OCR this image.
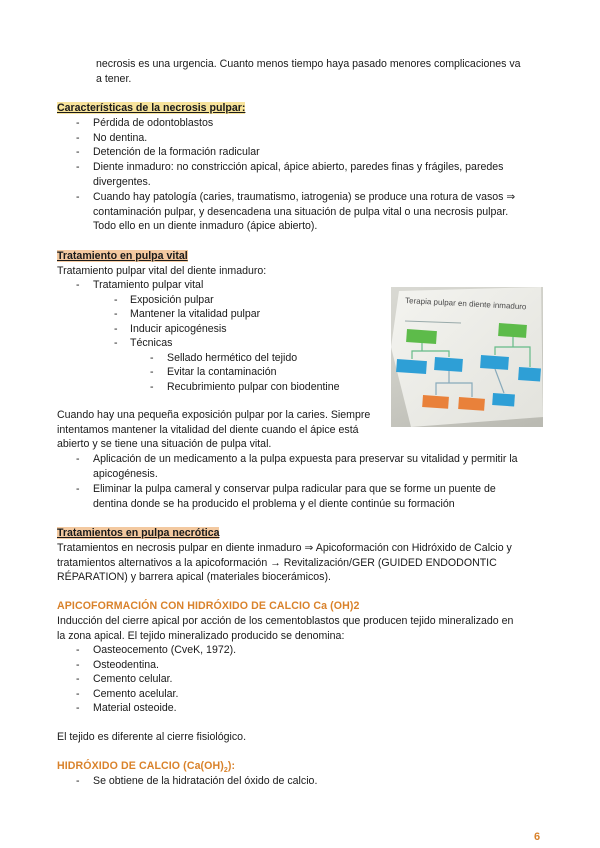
necrosis es una urgencia. Cuanto menos tiempo haya pasado menores complicaciones va

a tener.

Características de la necrosis pulpar:

- Pérdida de odontoblastos

- No dentina.

- Detención de la formación radicular

- Diente inmaduro: no constricción apical, ápice abierto, paredes finas y frágiles, paredes
divergentes.

- Cuando hay patología (caries, traumatismo, iatrogenia) se produce una rotura de vasos ⇒
contaminación pulpar, y desencadena una situación de pulpa vital o una necrosis pulpar.
Todo ello en un diente inmaduro (ápice abierto).

Tratamiento en pulpa vital

Tratamiento pulpar vital del diente inmaduro:

- Tratamiento pulpar vital

- Exposición pulpar

- Mantener la vitalidad pulpar

- Inducir apicogénesis

- Técnicas

- Sellado hermético del tejido

- Evitar la contaminación

- Recubrimiento pulpar con biodentine

Terapia pulpar en diente inmaduro

Cuando hay una pequeña exposición pulpar por la caries. Siempre
intentamos mantener la vitalidad del diente cuando el ápice está
abierto y se tiene una situación de pulpa vital.

- Aplicación de un medicamento a la pulpa expuesta para preservar su vitalidad y permitir la
apicogénesis.

- Eliminar la pulpa cameral y conservar pulpa radicular para que se forme un puente de
dentina donde se ha producido el problema y el diente continúe su formación

Tratamientos en pulpa necrótica

Tratamientos en necrosis pulpar en diente inmaduro ⇒ Apicoformación con Hidróxido de Calcio y
tratamientos alternativos a la apicoformación → Revitalización/GER (GUIDED ENDODONTIC
RÉPARATION) y barrera apical (materiales biocerámicos).

APICOFORMACIÓN CON HIDRÓXIDO DE CALCIO Ca (OH)2

Inducción del cierre apical por acción de los cementoblastos que producen tejido mineralizado en
la zona apical. El tejido mineralizado producido se denomina:

- Oasteocemento (CveK, 1972).

- Osteodentina.

- Cemento celular.

- Cemento acelular.

- Material osteoide.

El tejido es diferente al cierre fisiológico.

HIDRÓXIDO DE CALCIO $(Ca(OH)_2)$:

- Se obtiene de la hidratación del óxido de calcio.

6
